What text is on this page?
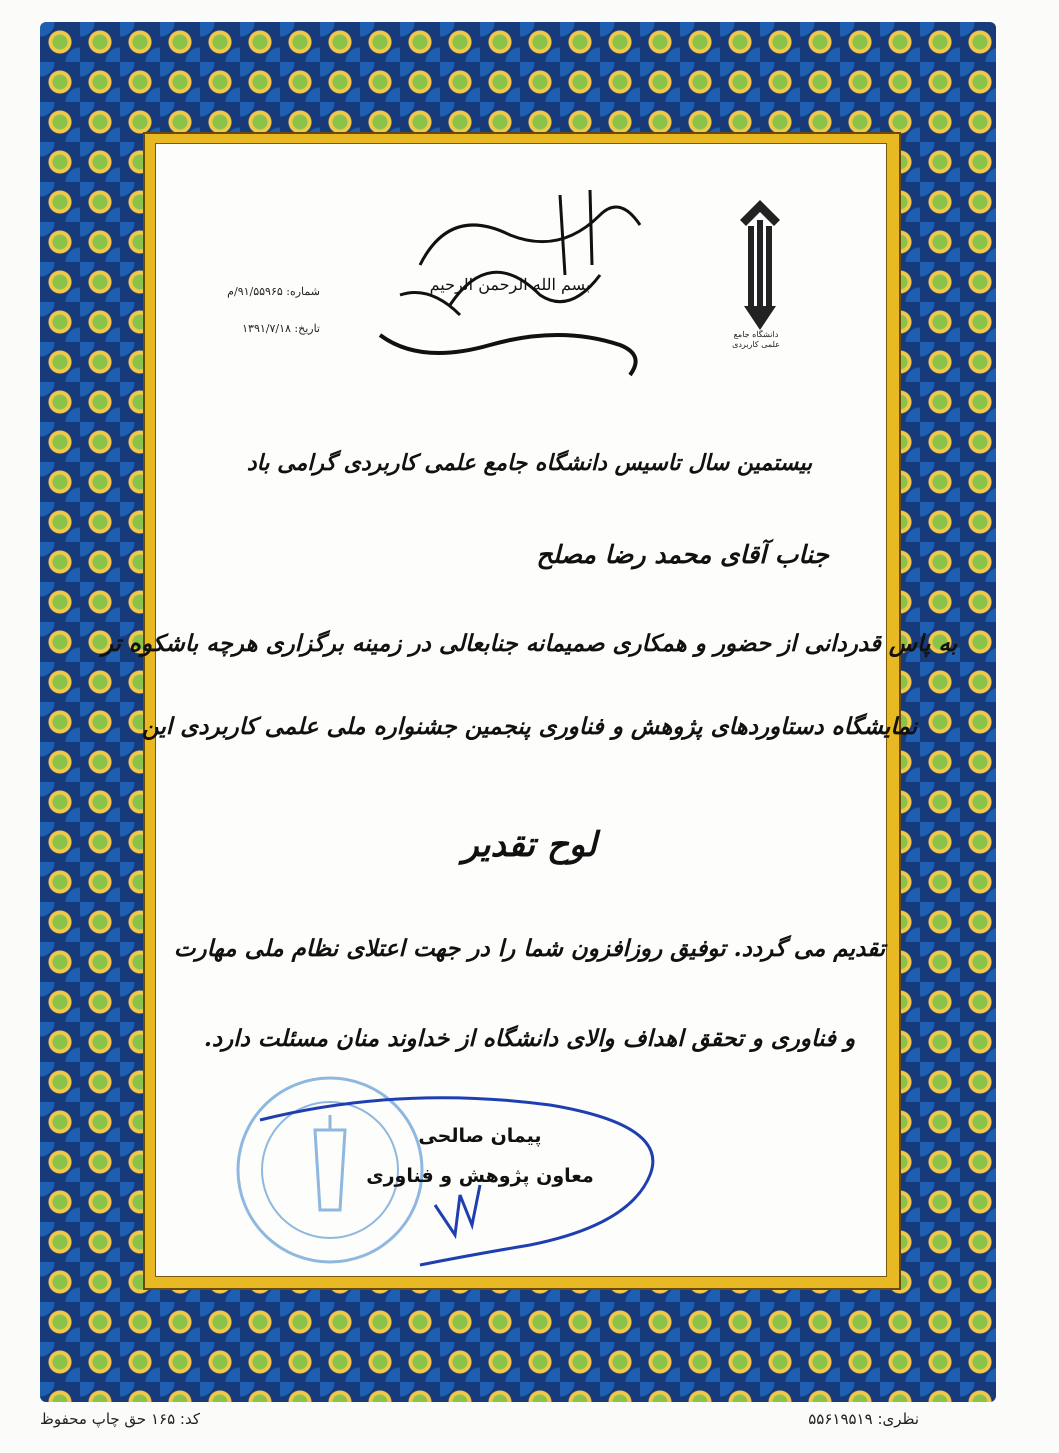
دانشگاه جامع علمی کاربردی
بسم الله الرحمن الرحیم
شماره: ۹۱/۵۵۹۶۵/م
تاریخ: ۱۳۹۱/۷/۱۸
بیستمین سال تاسیس دانشگاه جامع علمی کاربردی گرامی باد
جناب آقای محمد رضا مصلح
به پاس قدردانی از حضور و همکاری صمیمانه جنابعالی در زمینه برگزاری هرچه باشکوه تر
نمایشگاه دستاوردهای پژوهش و فناوری پنجمین جشنواره ملی علمی کاربردی این
لوح تقدیر
تقدیم می گردد. توفیق روزافزون شما را در جهت اعتلای نظام ملی مهارت
و فناوری و تحقق اهداف والای دانشگاه از خداوند منان مسئلت دارد.
پیمان صالحی
معاون پژوهش و فناوری
کد: ۱۶۵ حق چاپ محفوظ	نظری: ۵۵۶۱۹۵۱۹
